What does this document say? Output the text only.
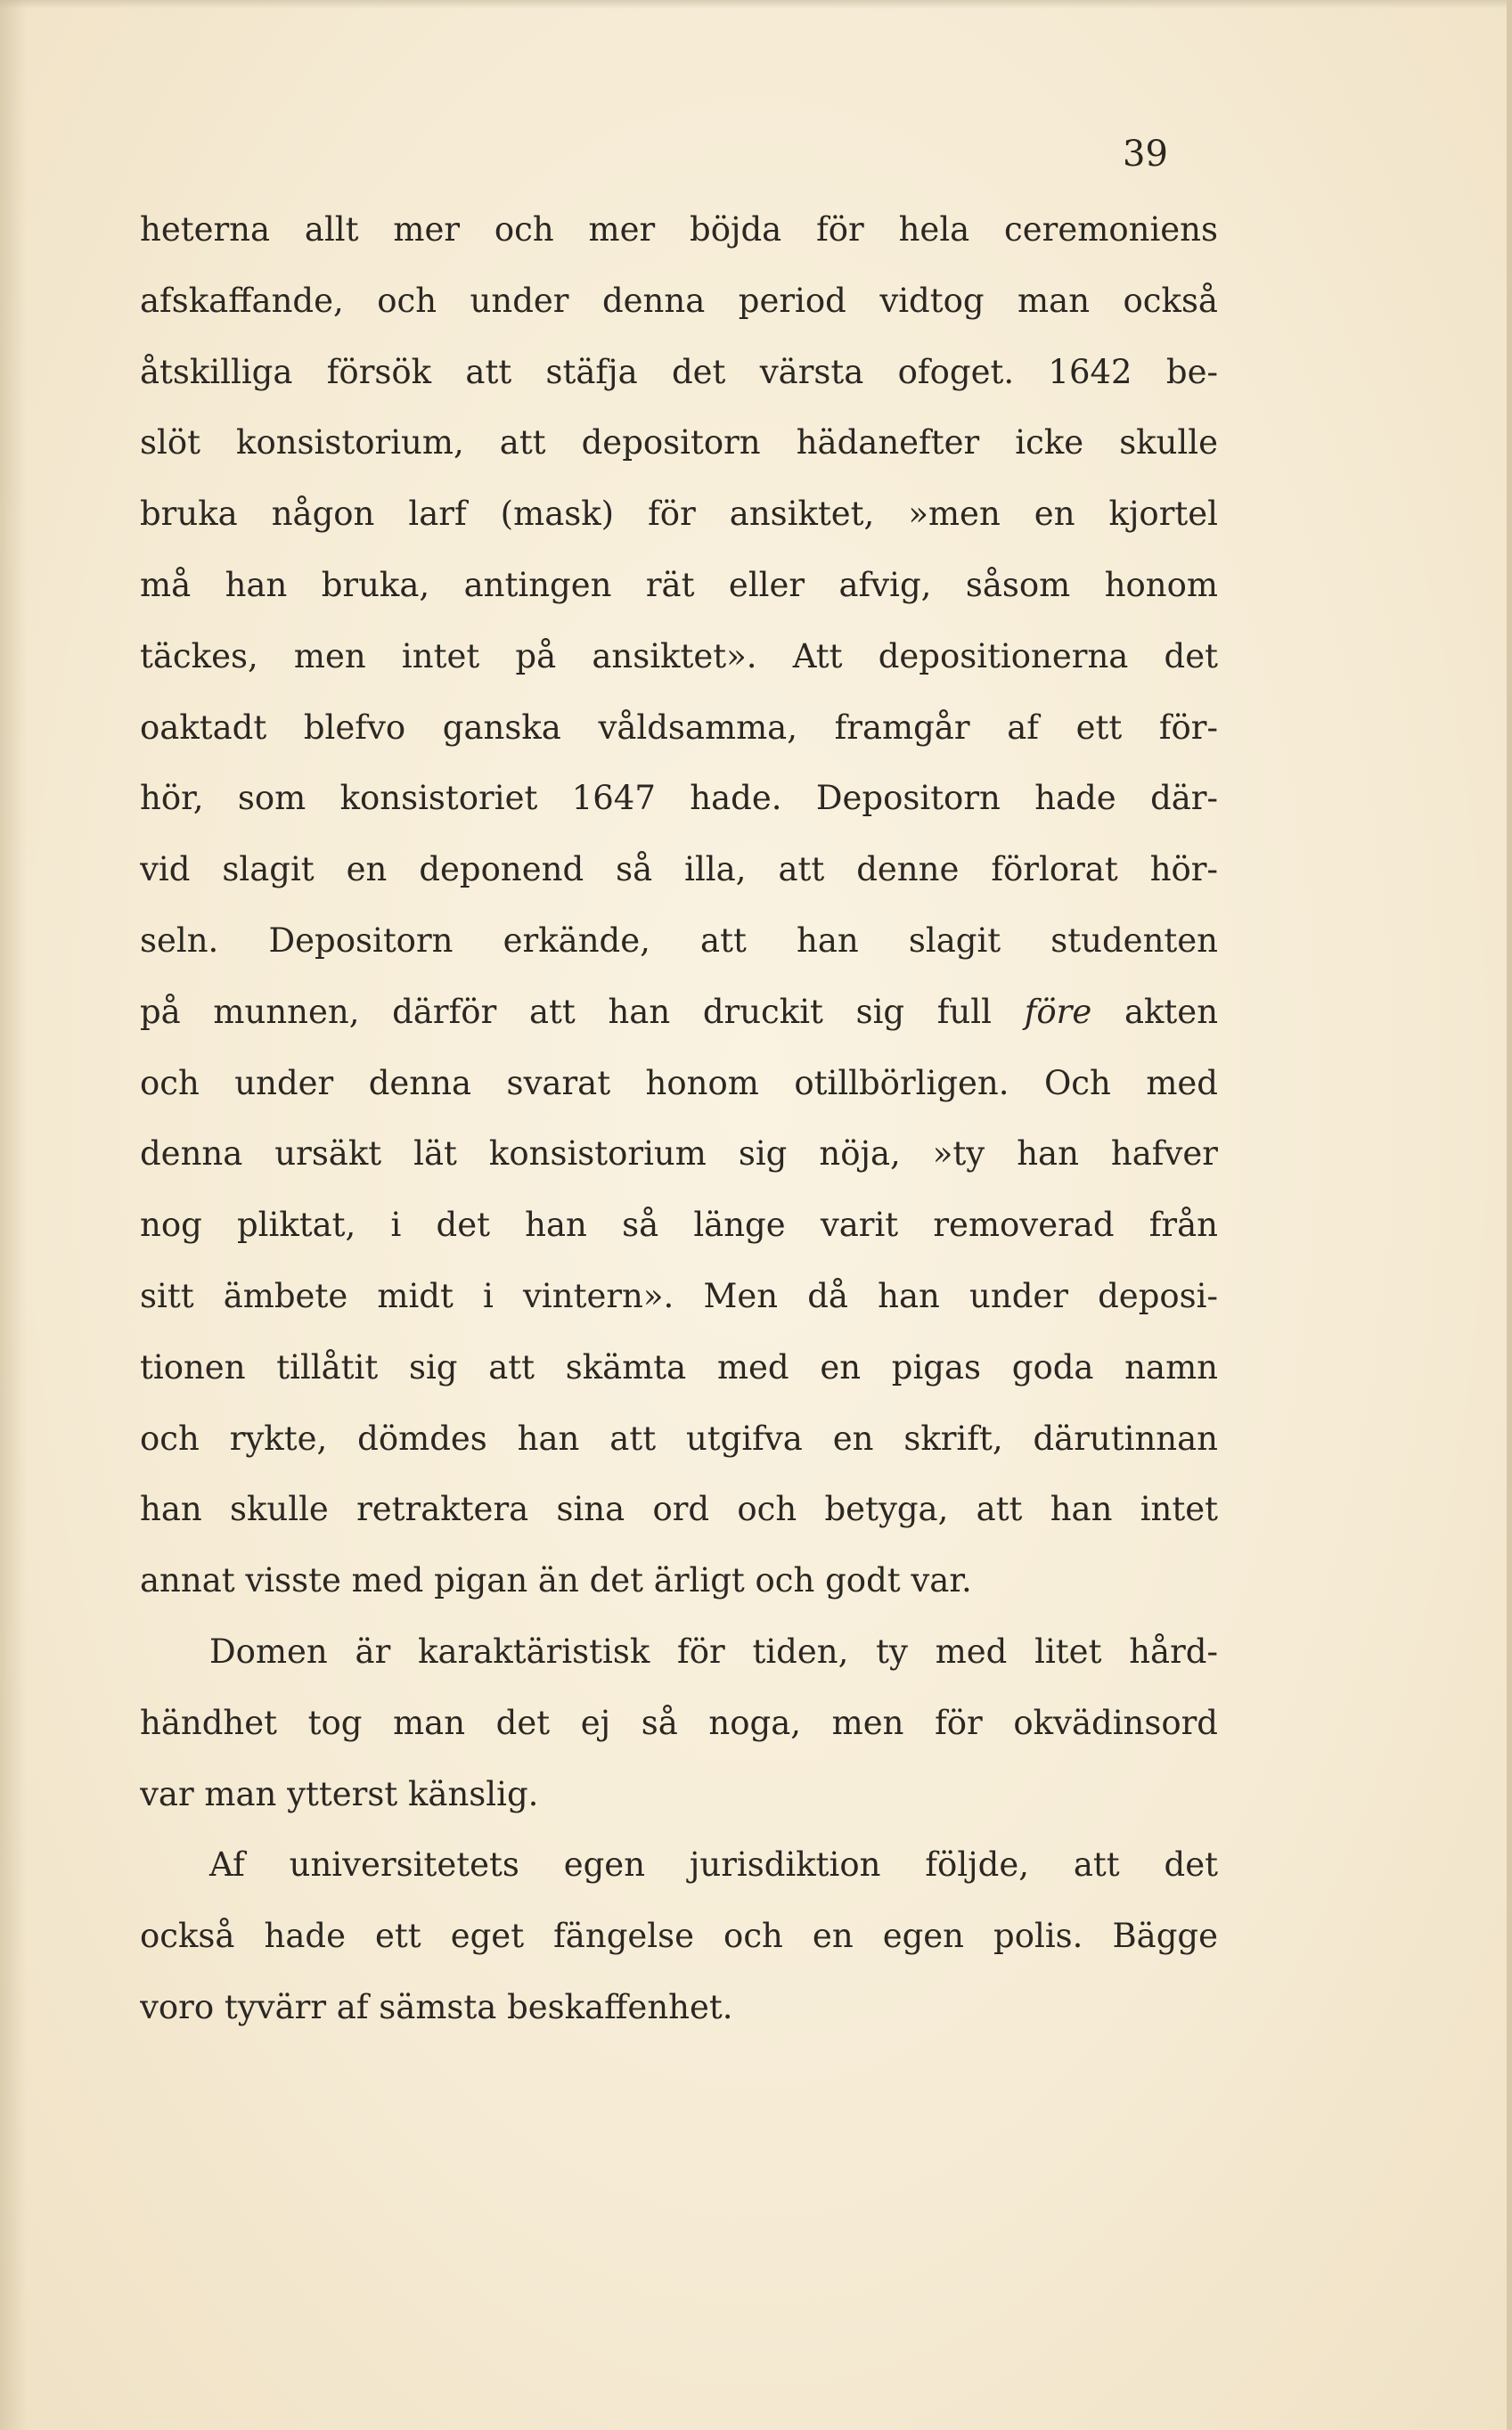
39
heterna allt mer och mer böjda för hela ceremoniens
afskaffande, och under denna period vidtog man också
åtskilliga försök att stäfja det värsta ofoget. 1642 be-
slöt konsistorium, att depositorn hädanefter icke skulle
bruka någon larf (mask) för ansiktet, »men en kjortel
må han bruka, antingen rät eller afvig, såsom honom
täckes, men intet på ansiktet». Att depositionerna det
oaktadt blefvo ganska våldsamma, framgår af ett för-
hör, som konsistoriet 1647 hade. Depositorn hade där-
vid slagit en deponend så illa, att denne förlorat hör-
seln. Depositorn erkände, att han slagit studenten
på munnen, därför att han druckit sig full före akten
och under denna svarat honom otillbörligen. Och med
denna ursäkt lät konsistorium sig nöja, »ty han hafver
nog pliktat, i det han så länge varit removerad från
sitt ämbete midt i vintern». Men då han under deposi-
tionen tillåtit sig att skämta med en pigas goda namn
och rykte, dömdes han att utgifva en skrift, därutinnan
han skulle retraktera sina ord och betyga, att han intet
annat visste med pigan än det ärligt och godt var.
Domen är karaktäristisk för tiden, ty med litet hård-
händhet tog man det ej så noga, men för okvädinsord
var man ytterst känslig.
Af universitetets egen jurisdiktion följde, att det
också hade ett eget fängelse och en egen polis. Bägge
voro tyvärr af sämsta beskaffenhet.
